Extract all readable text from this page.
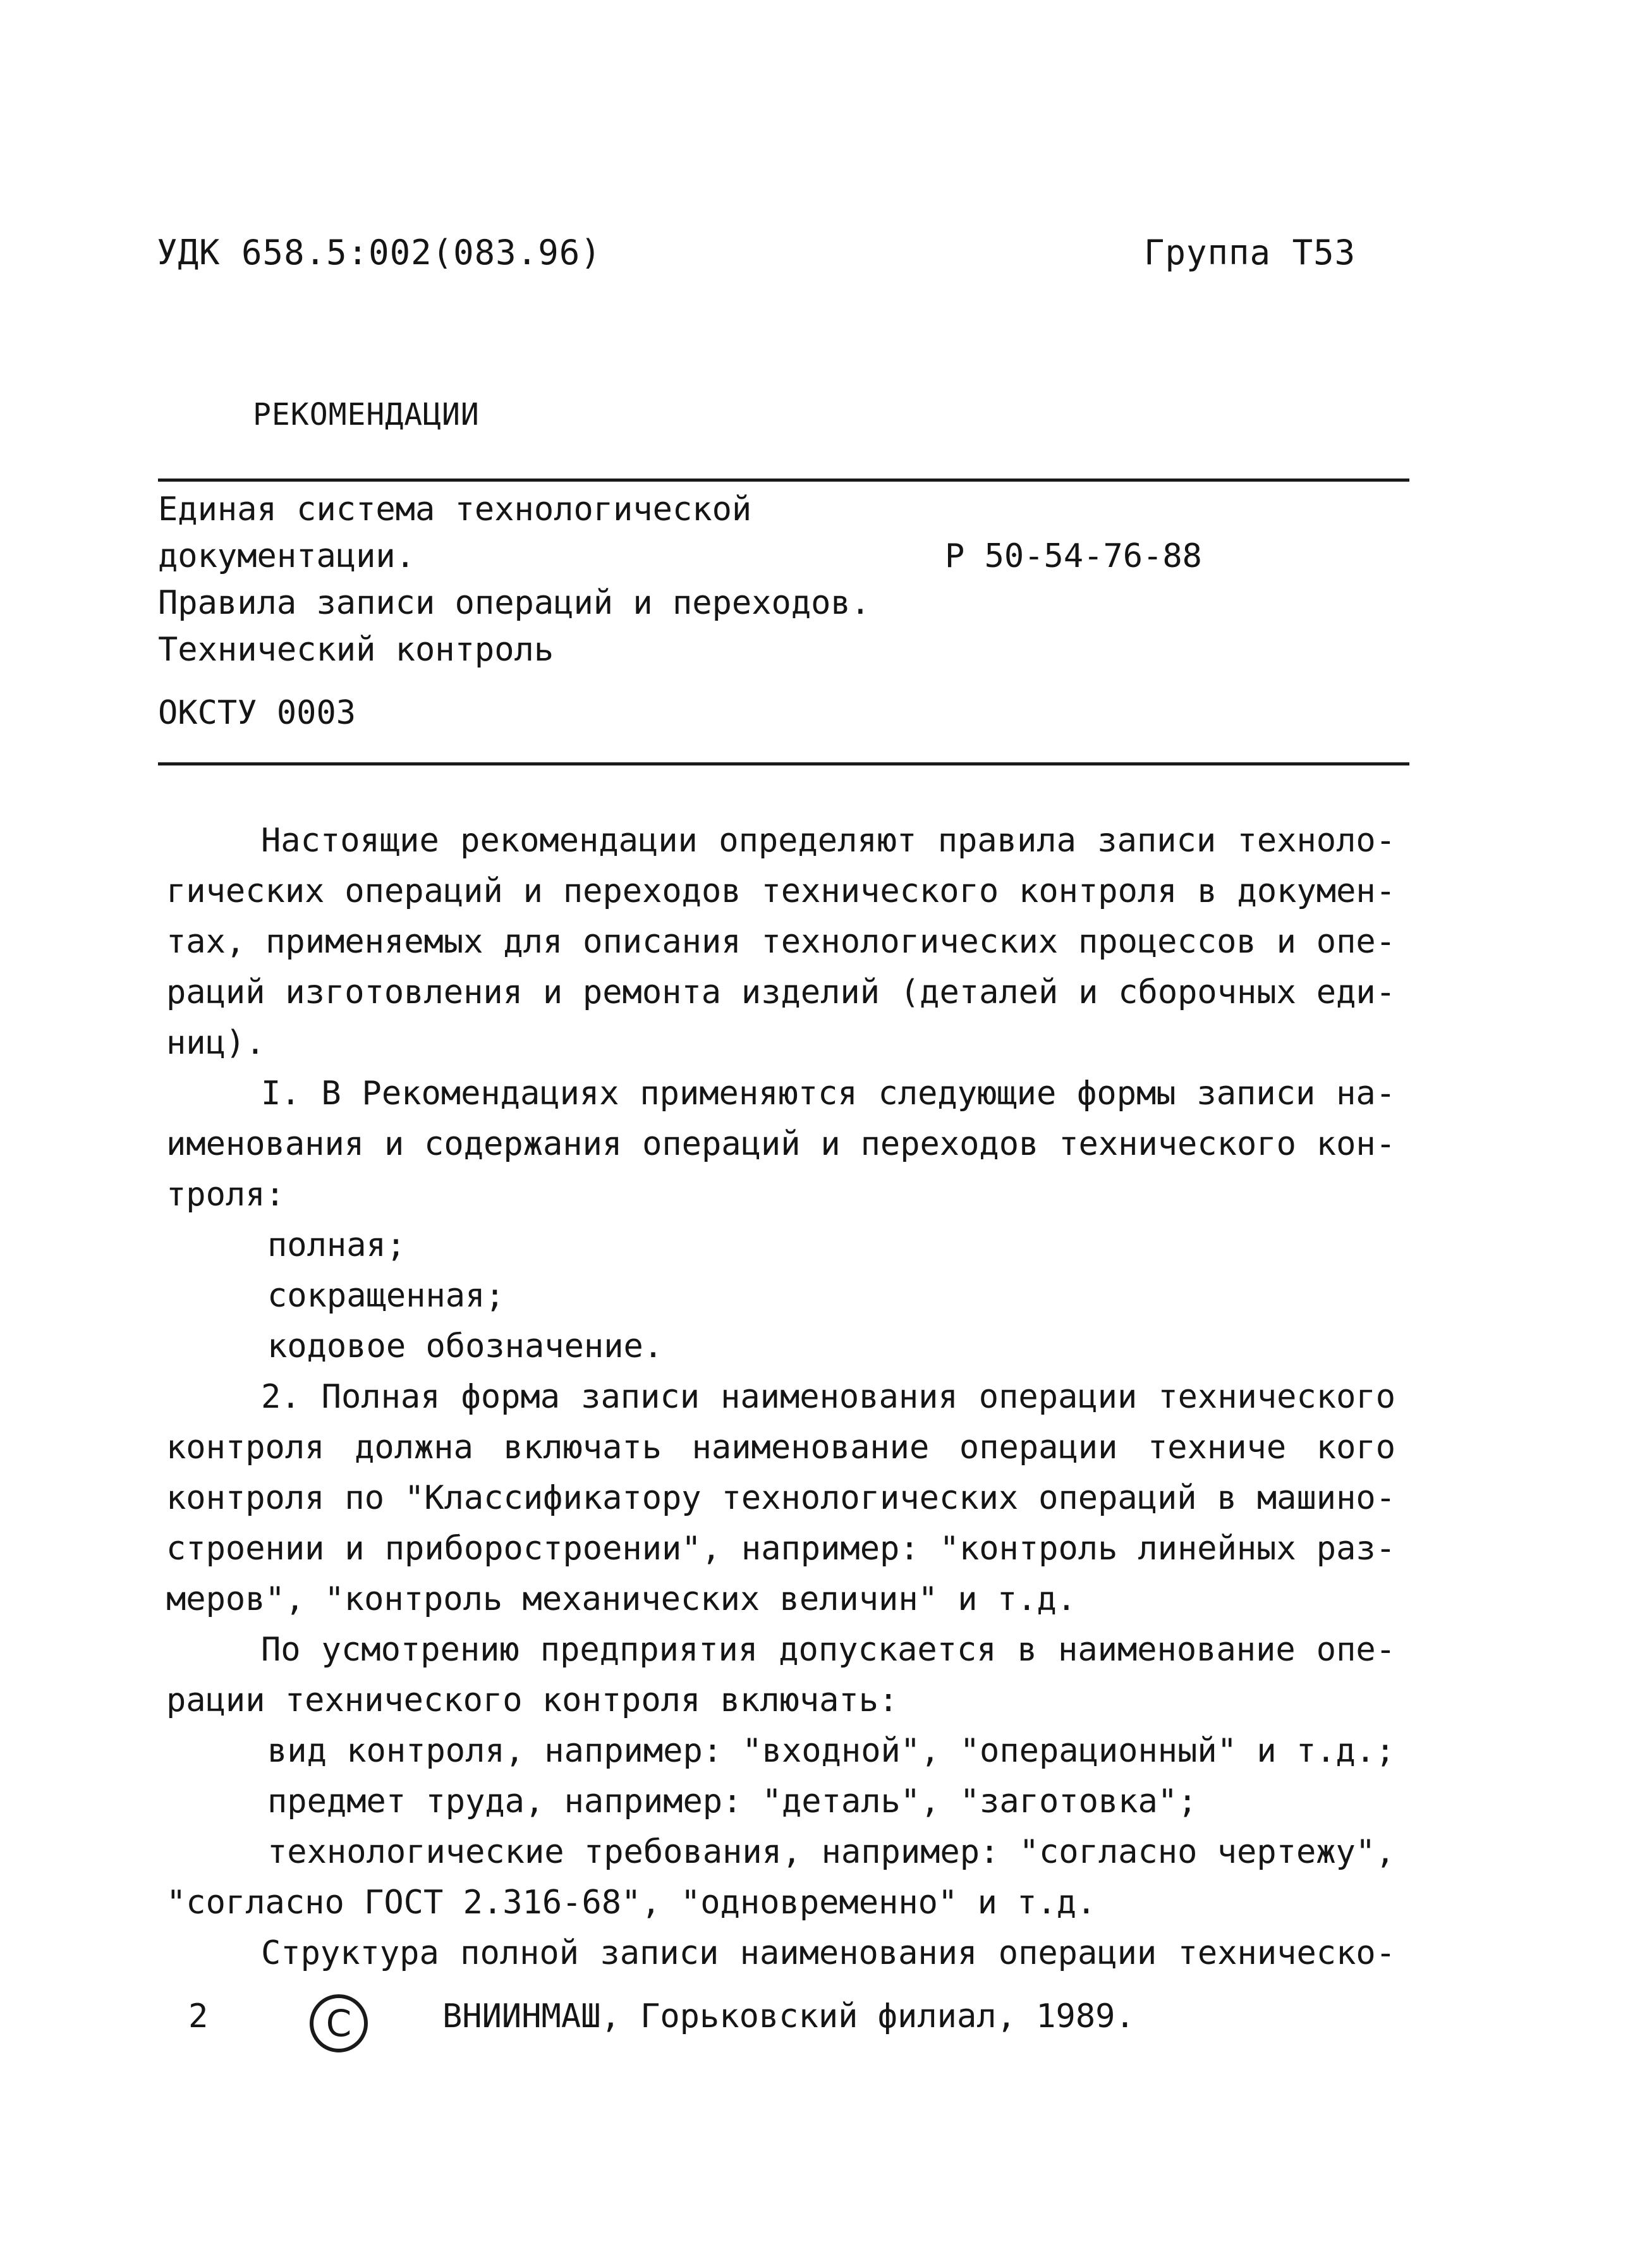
УДК 658.5:002(083.96)	Группа Т53
РЕКОМЕНДАЦИИ
Единая система технологической
документации.	Р 50-54-76-88
Правила записи операций и переходов.
Технический контроль
ОКСТУ 0003
Настоящие рекомендации определяют правила записи техноло-
гических операций и переходов технического контроля в докумен-
тах, применяемых для описания технологических процессов и опе-
раций изготовления и ремонта изделий (деталей и сборочных еди-
ниц).
I. В Рекомендациях применяются следующие формы записи на-
именования и содержания операций и переходов технического кон-
троля:
полная;
сокращенная;
кодовое обозначение.
2. Полная форма записи наименования операции технического
контроля должна включать наименование операции техниче кого
контроля по "Классификатору технологических операций в машино-
строении и приборостроении", например: "контроль линейных раз-
меров", "контроль механических величин" и т.д.
По усмотрению предприятия допускается в наименование опе-
рации технического контроля включать:
вид контроля, например: "входной", "операционный" и т.д.;
предмет труда, например: "деталь", "заготовка";
технологические требования, например: "согласно чертежу",
"согласно ГОСТ 2.316-68", "одновременно" и т.д.
Структура полной записи наименования операции техническо-
2	C	ВНИИНМАШ, Горьковский филиал, 1989.
